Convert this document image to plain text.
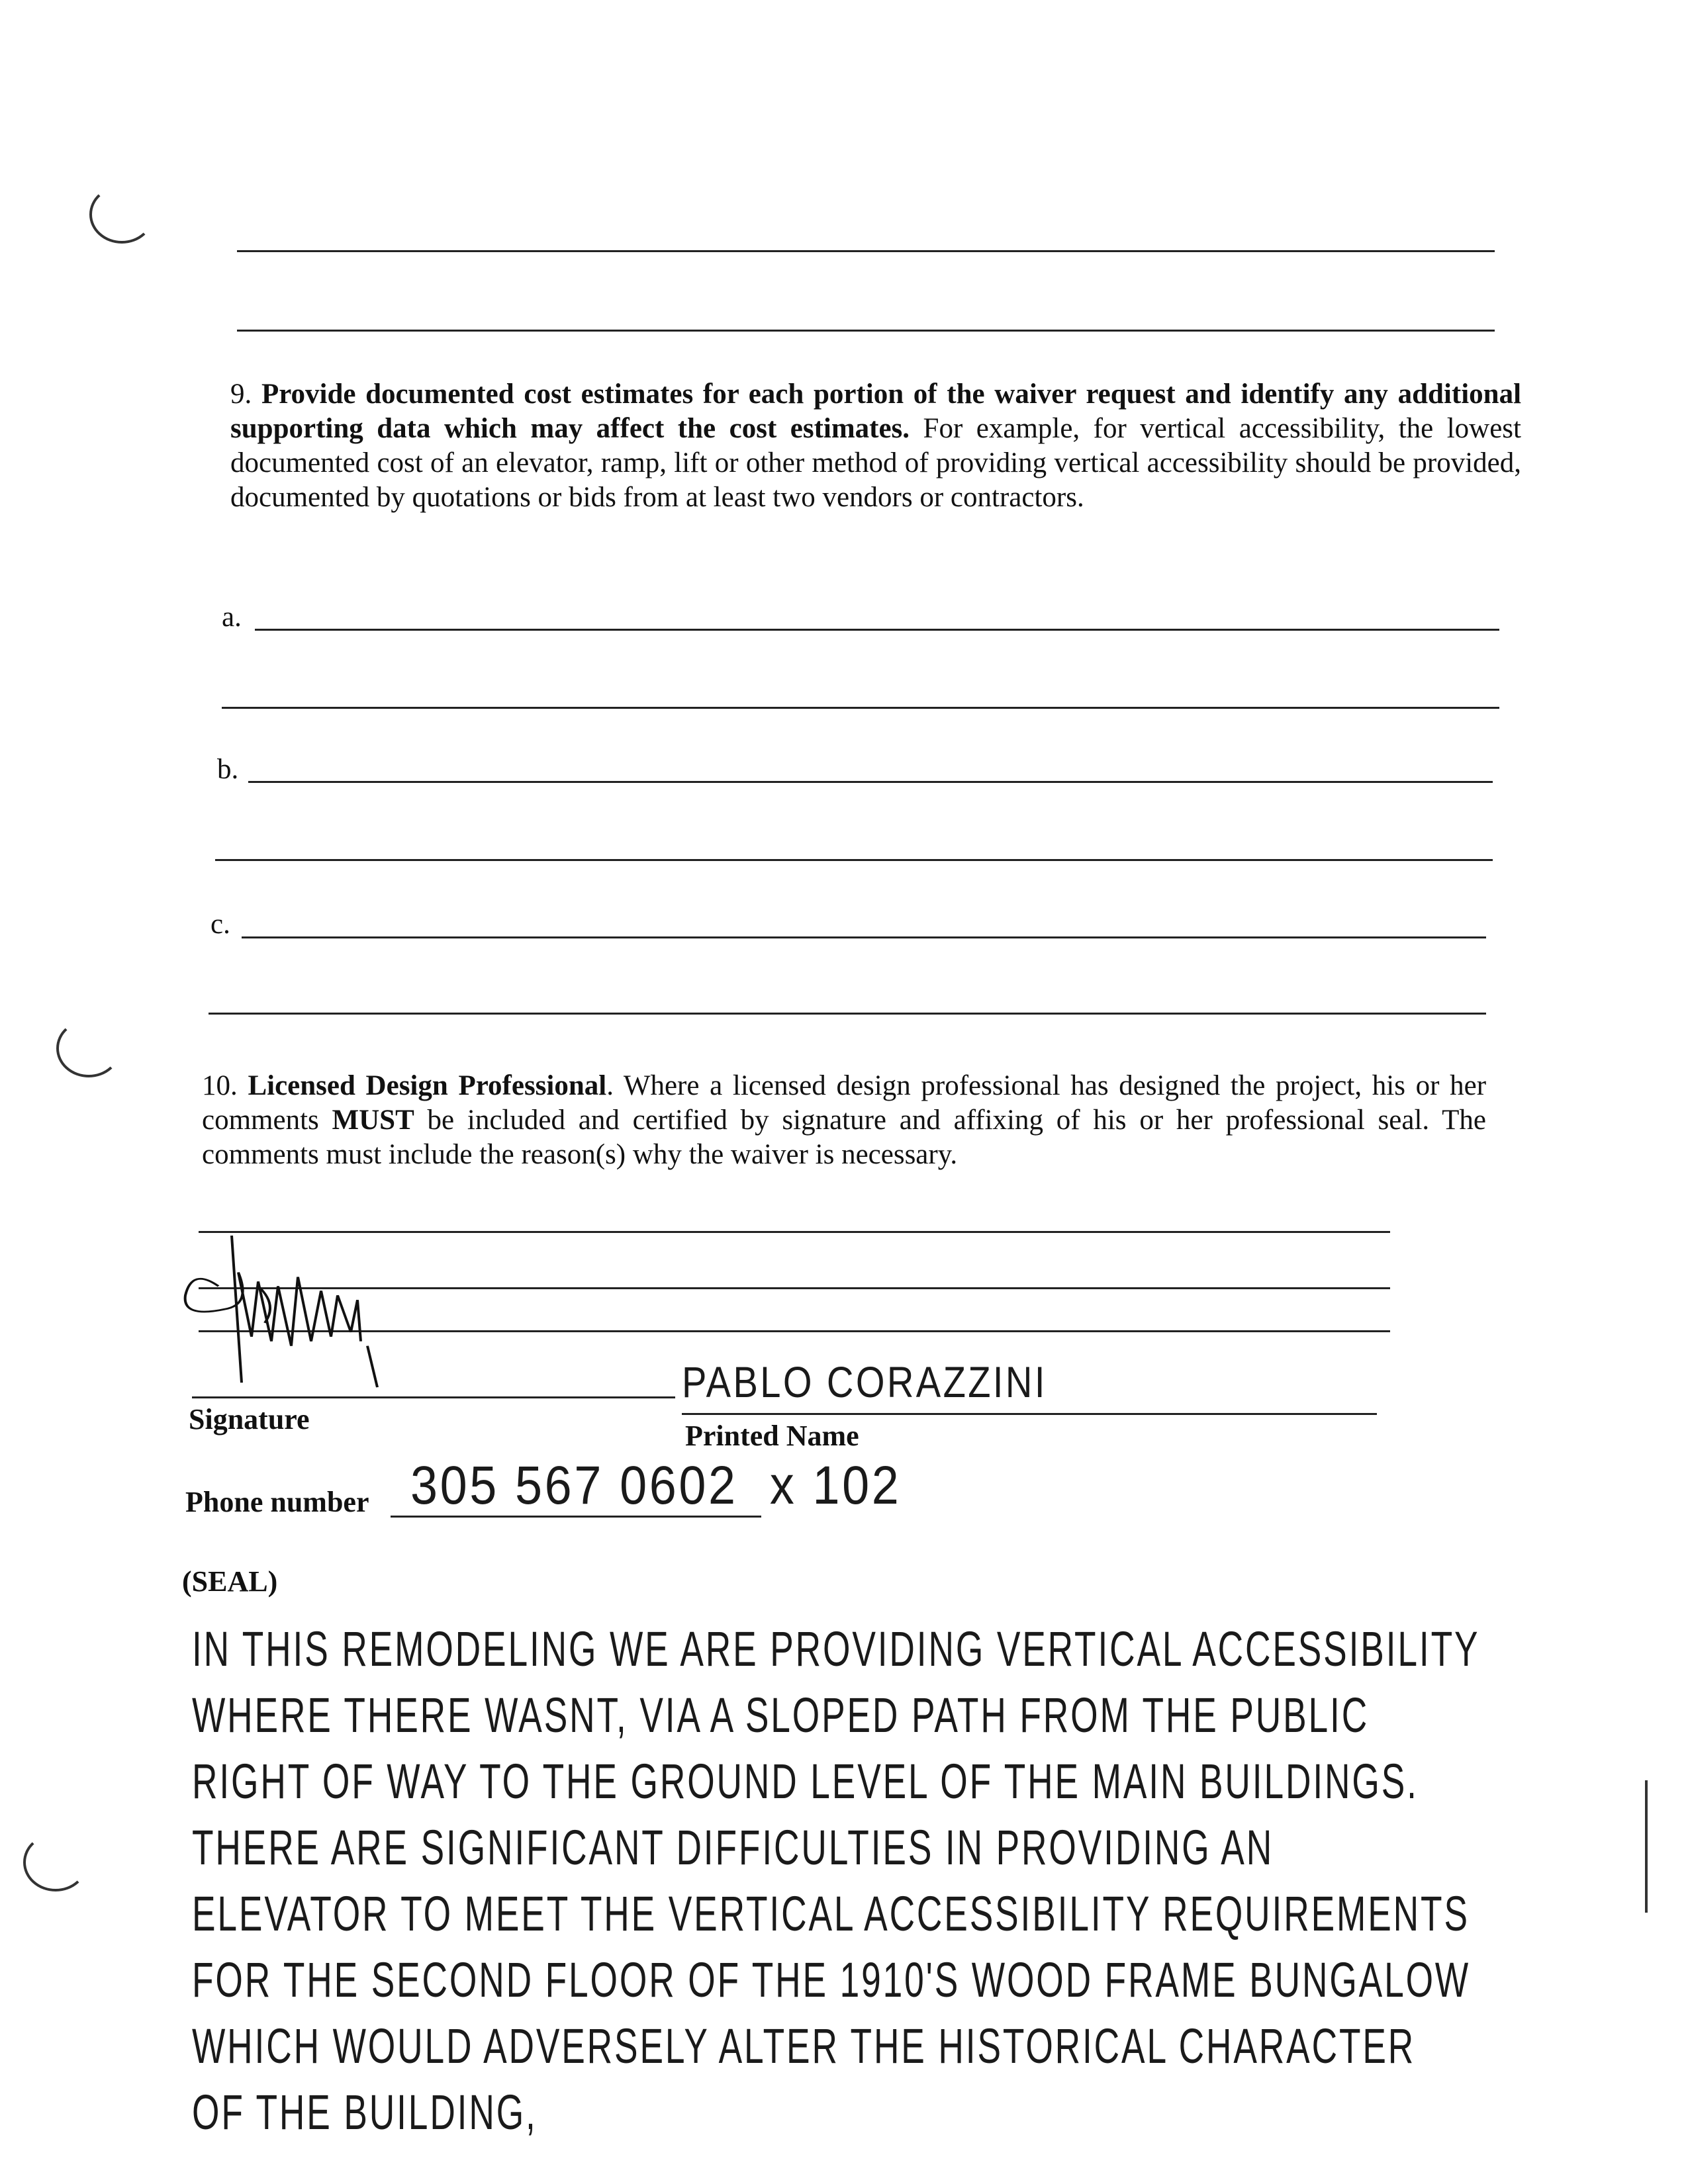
9. Provide documented cost estimates for each portion of the waiver request and identify any additional supporting data which may affect the cost estimates. For example, for vertical accessibility, the lowest documented cost of an elevator, ramp, lift or other method of providing vertical accessibility should be provided, documented by quotations or bids from at least two vendors or contractors.
a.
b.
c.
10. Licensed Design Professional. Where a licensed design professional has designed the project, his or her comments MUST be included and certified by signature and affixing of his or her professional seal. The comments must include the reason(s) why the waiver is necessary.
Signature
PABLO CORAZZINI
Printed Name
Phone number 305 567 0602  x 102
(SEAL)
IN THIS REMODELING WE ARE PROVIDING VERTICAL ACCESSIBILITY
WHERE THERE WASNT, VIA A SLOPED PATH FROM THE PUBLIC
RIGHT OF WAY TO THE GROUND LEVEL OF THE MAIN BUILDINGS.
THERE ARE SIGNIFICANT DIFFICULTIES IN PROVIDING AN
ELEVATOR TO MEET THE VERTICAL ACCESSIBILITY REQUIREMENTS
FOR THE SECOND FLOOR OF THE 1910'S WOOD FRAME BUNGALOW
WHICH WOULD ADVERSELY ALTER THE HISTORICAL CHARACTER
OF THE BUILDING,
